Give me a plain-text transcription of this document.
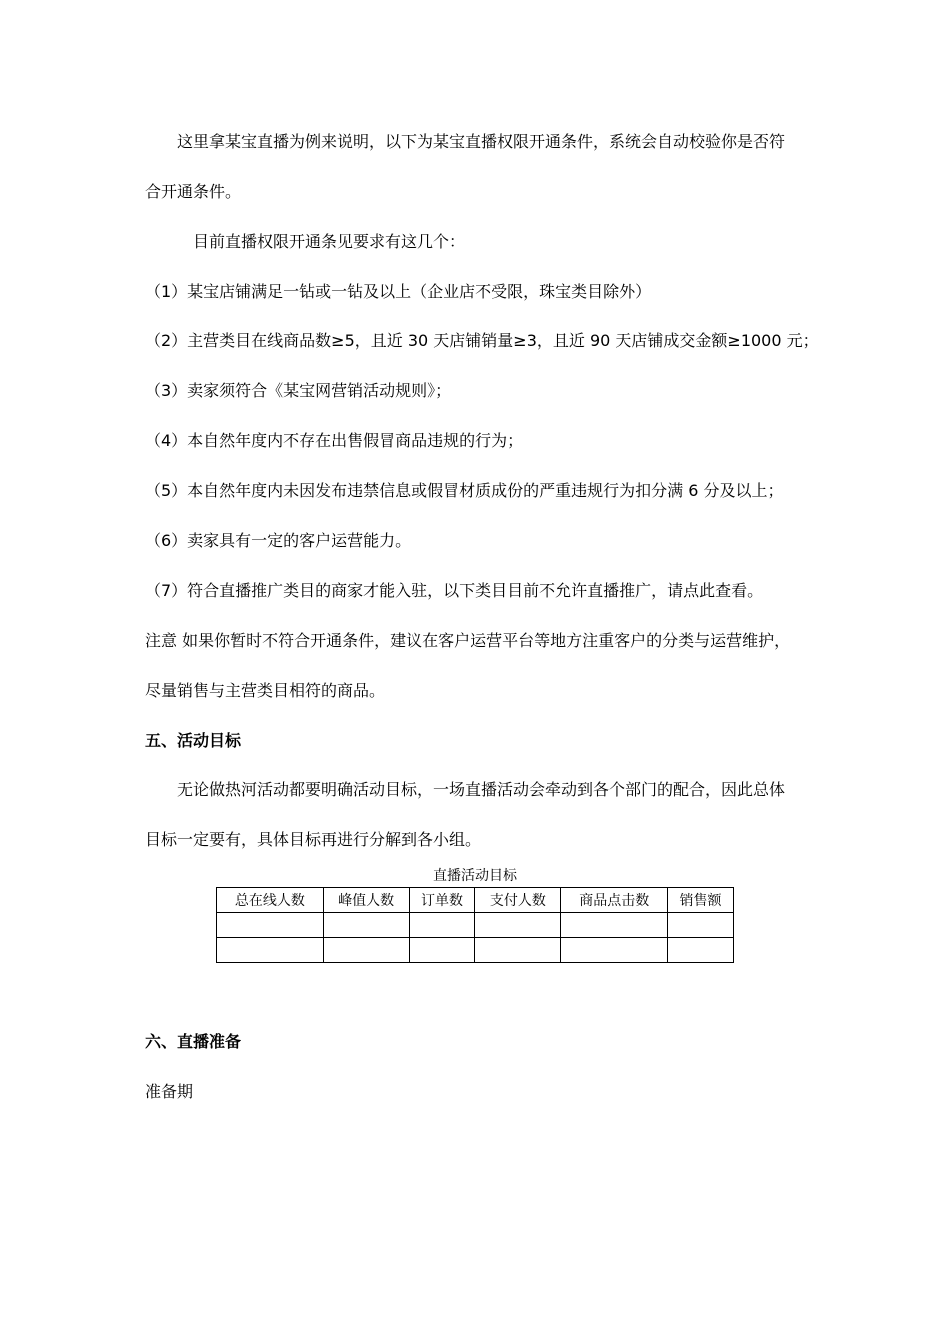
这里拿某宝直播为例来说明，以下为某宝直播权限开通条件，系统会自动校验你是否符
合开通条件。
目前直播权限开通条见要求有这几个：
（1）某宝店铺满足一钻或一钻及以上（企业店不受限，珠宝类目除外）
（2）主营类目在线商品数≥5，且近 30 天店铺销量≥3，且近 90 天店铺成交金额≥1000 元；
（3）卖家须符合《某宝网营销活动规则》；
（4）本自然年度内不存在出售假冒商品违规的行为；
（5）本自然年度内未因发布违禁信息或假冒材质成份的严重违规行为扣分满 6 分及以上；
（6）卖家具有一定的客户运营能力。
（7）符合直播推广类目的商家才能入驻，以下类目目前不允许直播推广，请点此查看。
注意 如果你暂时不符合开通条件，建议在客户运营平台等地方注重客户的分类与运营维护，
尽量销售与主营类目相符的商品。
五、活动目标
无论做热河活动都要明确活动目标，一场直播活动会牵动到各个部门的配合，因此总体
目标一定要有，具体目标再进行分解到各小组。
直播活动目标
总在线人数	峰值人数	订单数	支付人数	商品点击数	销售额

六、直播准备
准备期
